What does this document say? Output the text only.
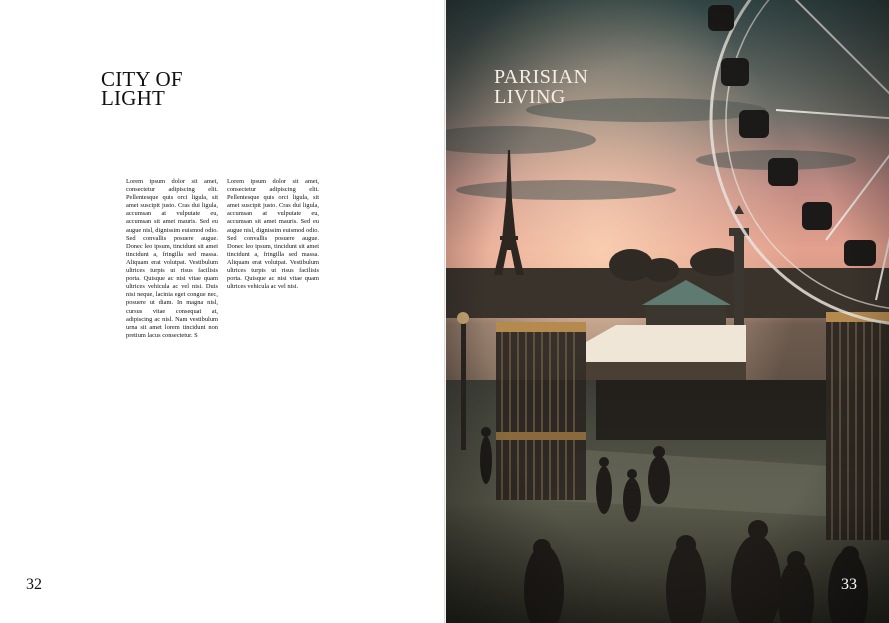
CITY OF
LIGHT
Lorem ipsum dolor sit amet, consectetur adipiscing elit. Pellentesque quis orci ligula, sit amet suscipit justo. Cras dui ligula, accumsan at vulputate eu, accumsan sit amet mauris. Sed eu augue nisl, dignissim euismod odio. Sed convallis posuere augue. Donec leo ipsum, tincidunt sit amet tincidunt a, fringilla sed massa. Aliquam erat volutpat. Vestibulum ultrices turpis ut risus facilisis porta. Quisque ac nisi vitae quam ultrices vehicula ac vel nisi. Duis nisi neque, lacinia eget congue nec, posuere ut diam. In magna nisl, cursus vitae consequat at, adipiscing ac nisl. Nam vestibulum urna sit amet lorem tincidunt non pretium lacus consectetur. S
Lorem ipsum dolor sit amet, consectetur adipiscing elit. Pellentesque quis orci ligula, sit amet suscipit justo. Cras dui ligula, accumsan at vulputate eu, accumsan sit amet mauris. Sed eu augue nisl, dignissim euismod odio. Sed convallis posuere augue. Donec leo ipsum, tincidunt sit amet tincidunt a, fringilla sed massa. Aliquam erat volutpat. Vestibulum ultrices turpis ut risus facilisis porta. Quisque ac nisi vitae quam ultrices vehicula ac vel nisi.
32
PARISIAN
LIVING
33
